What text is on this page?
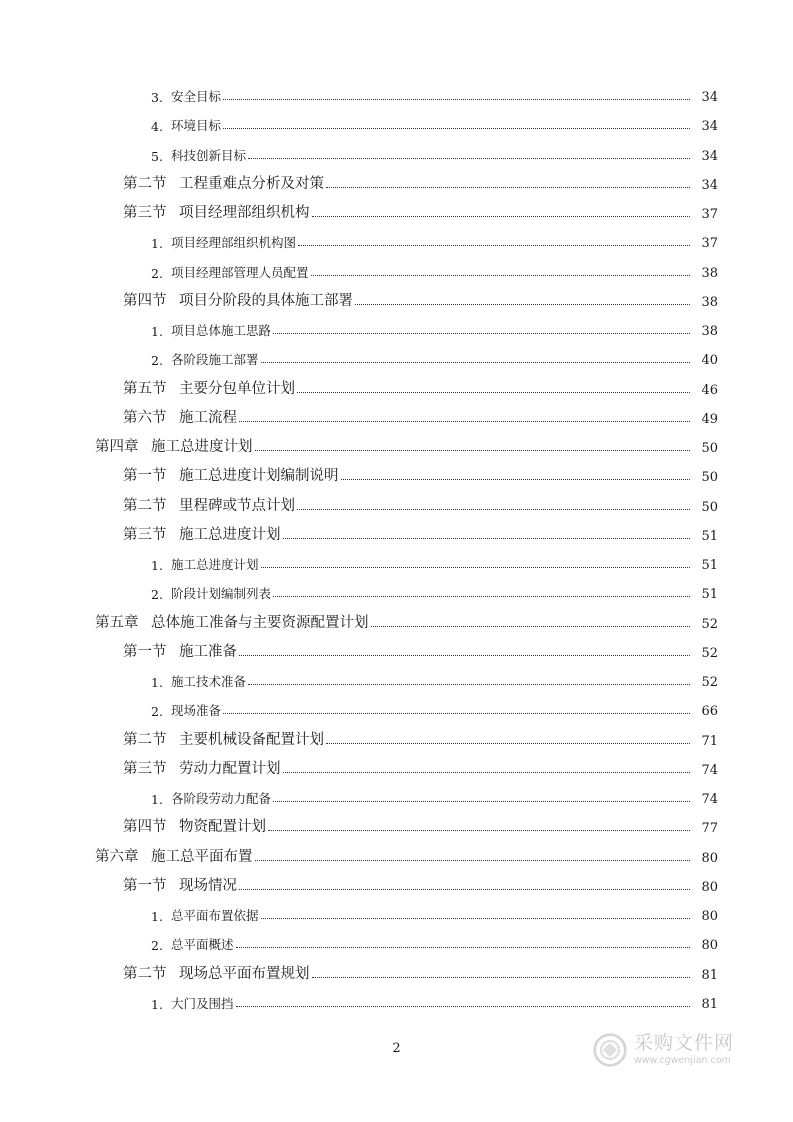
3. 安全目标	34
4. 环境目标	34
5. 科技创新目标	34
第二节 工程重难点分析及对策	34
第三节 项目经理部组织机构	37
1. 项目经理部组织机构图	37
2. 项目经理部管理人员配置	38
第四节 项目分阶段的具体施工部署	38
1. 项目总体施工思路	38
2. 各阶段施工部署	40
第五节 主要分包单位计划	46
第六节 施工流程	49
第四章 施工总进度计划	50
第一节 施工总进度计划编制说明	50
第二节 里程碑或节点计划	50
第三节 施工总进度计划	51
1. 施工总进度计划	51
2. 阶段计划编制列表	51
第五章 总体施工准备与主要资源配置计划	52
第一节 施工准备	52
1. 施工技术准备	52
2. 现场准备	66
第二节 主要机械设备配置计划	71
第三节 劳动力配置计划	74
1. 各阶段劳动力配备	74
第四节 物资配置计划	77
第六章 施工总平面布置	80
第一节 现场情况	80
1. 总平面布置依据	80
2. 总平面概述	80
第二节 现场总平面布置规划	81
1. 大门及围挡	81
2	采购文件网
www.cgwenjian.com
